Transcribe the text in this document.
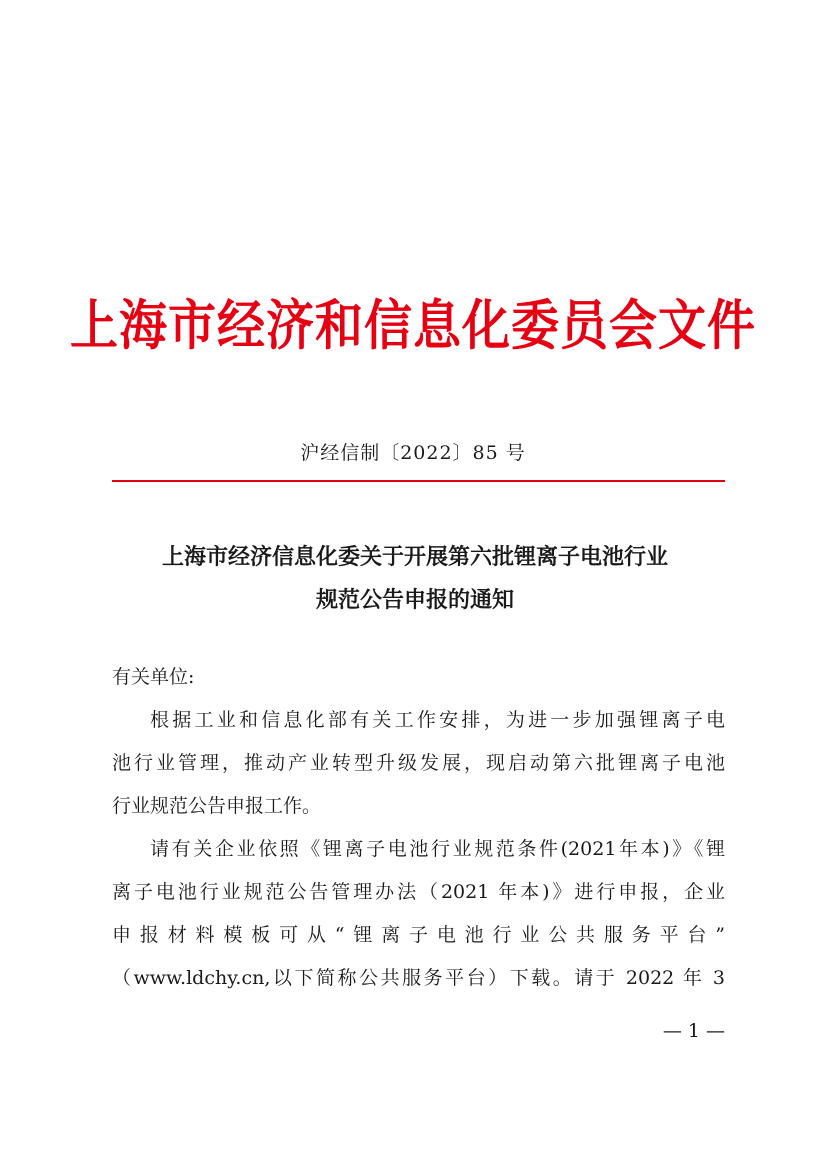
上海市经济和信息化委员会文件
沪经信制〔2022〕85 号
上海市经济信息化委关于开展第六批锂离子电池行业
规范公告申报的通知

有关单位:

根据工业和信息化部有关工作安排，为进一步加强锂离子电

池行业管理，推动产业转型升级发展，现启动第六批锂离子电池

行业规范公告申报工作。

请有关企业依照《锂离子电池行业规范条件(2021年本)》《锂

离子电池行业规范公告管理办法（2021 年本)》进行申报，企业

申报材料模板可从“锂离子电池行业公共服务平台”

（www.ldchy.cn,以下简称公共服务平台）下载。请于 2022 年 3

— 1 —
